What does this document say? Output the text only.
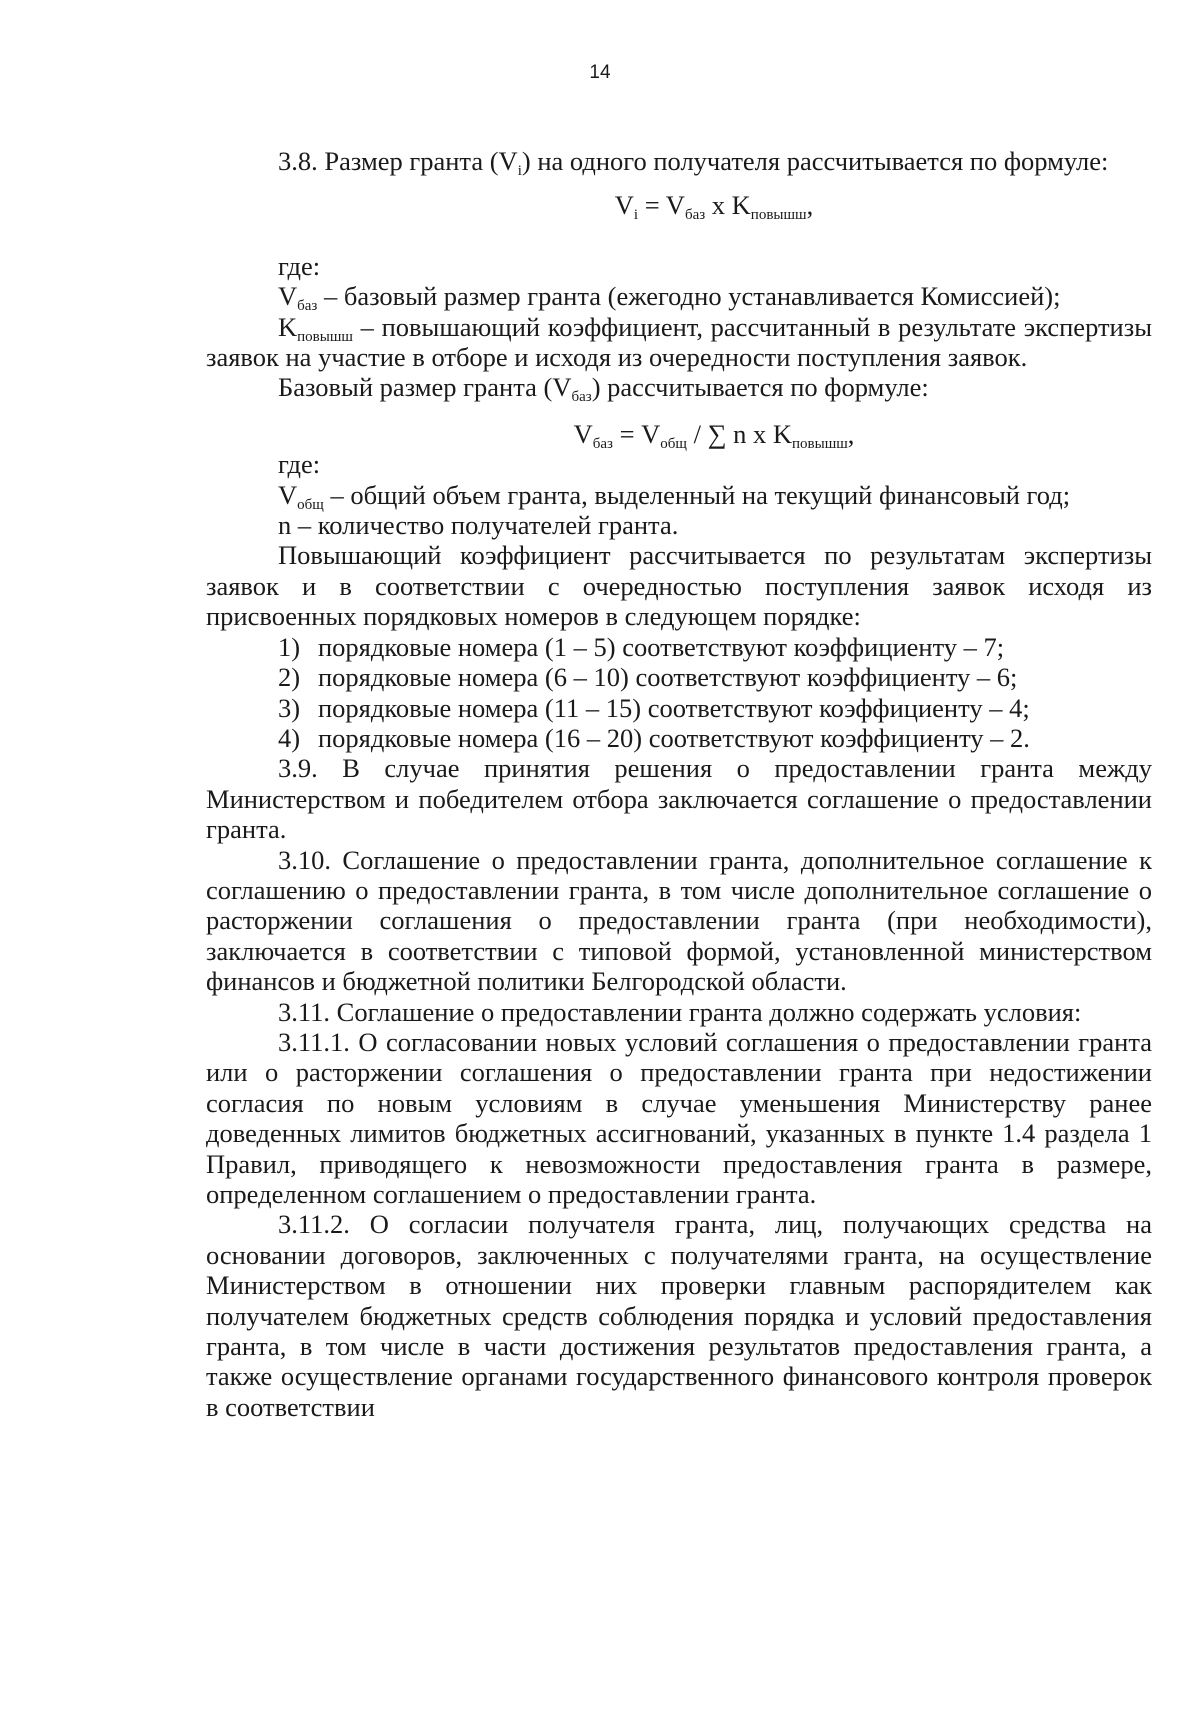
14

3.8. Размер гранта $(V_i)$ на одного получателя рассчитывается по формуле:

$V_i = V_{баз}$ x $K_{повышш}$,

где:

$V_{баз}$ – базовый размер гранта (ежегодно устанавливается Комиссией);

$K_{повышш}$ – повышающий коэффициент, рассчитанный в результате экспертизы заявок на участие в отборе и исходя из очередности поступления заявок.

Базовый размер гранта $(V_{баз})$ рассчитывается по формуле:

$V_{баз} = V_{общ}$ / ∑ n x $K_{повышш}$,

где:

$V_{общ}$ – общий объем гранта, выделенный на текущий финансовый год;

n – количество получателей гранта.

Повышающий коэффициент рассчитывается по результатам экспертизы заявок и в соответствии с очередностью поступления заявок исходя из присвоенных порядковых номеров в следующем порядке:

1) порядковые номера (1 – 5) соответствуют коэффициенту – 7;
2) порядковые номера (6 – 10) соответствуют коэффициенту – 6;
3) порядковые номера (11 – 15) соответствуют коэффициенту – 4;
4) порядковые номера (16 – 20) соответствуют коэффициенту – 2.

3.9. В случае принятия решения о предоставлении гранта между Министерством и победителем отбора заключается соглашение о предоставлении гранта.

3.10. Соглашение о предоставлении гранта, дополнительное соглашение к соглашению о предоставлении гранта, в том числе дополнительное соглашение о расторжении соглашения о предоставлении гранта (при необходимости), заключается в соответствии с типовой формой, установленной министерством финансов и бюджетной политики Белгородской области.

3.11. Соглашение о предоставлении гранта должно содержать условия:

3.11.1. О согласовании новых условий соглашения о предоставлении гранта или о расторжении соглашения о предоставлении гранта при недостижении согласия по новым условиям в случае уменьшения Министерству ранее доведенных лимитов бюджетных ассигнований, указанных в пункте 1.4 раздела 1 Правил, приводящего к невозможности предоставления гранта в размере, определенном соглашением о предоставлении гранта.

3.11.2. О согласии получателя гранта, лиц, получающих средства на основании договоров, заключенных с получателями гранта, на осуществление Министерством в отношении них проверки главным распорядителем как получателем бюджетных средств соблюдения порядка и условий предоставления гранта, в том числе в части достижения результатов предоставления гранта, а также осуществление органами государственного финансового контроля проверок в соответствии
